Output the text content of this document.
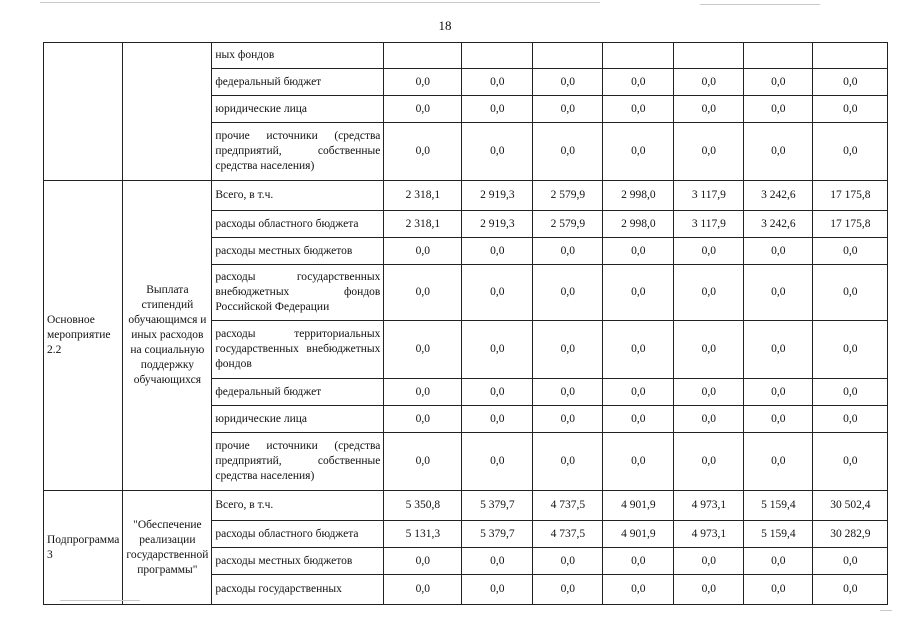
18
		ных фондов							
		федеральный бюджет	0,0	0,0	0,0	0,0	0,0	0,0	0,0
		юридические лица	0,0	0,0	0,0	0,0	0,0	0,0	0,0
		прочие источники (средства предприятий, собственные средства населения)	0,0	0,0	0,0	0,0	0,0	0,0	0,0
Основное мероприятие 2.2	Выплата стипендий обучающимся и иных расходов на социальную поддержку обучающихся	Всего, в т.ч.	2 318,1	2 919,3	2 579,9	2 998,0	3 117,9	3 242,6	17 175,8
		расходы областного бюджета	2 318,1	2 919,3	2 579,9	2 998,0	3 117,9	3 242,6	17 175,8
		расходы местных бюджетов	0,0	0,0	0,0	0,0	0,0	0,0	0,0
		расходы государственных внебюджетных фондов Российской Федерации	0,0	0,0	0,0	0,0	0,0	0,0	0,0
		расходы территориальных государственных внебюджетных фондов	0,0	0,0	0,0	0,0	0,0	0,0	0,0
		федеральный бюджет	0,0	0,0	0,0	0,0	0,0	0,0	0,0
		юридические лица	0,0	0,0	0,0	0,0	0,0	0,0	0,0
		прочие источники (средства предприятий, собственные средства населения)	0,0	0,0	0,0	0,0	0,0	0,0	0,0
Подпрограмма 3	"Обеспечение реализации государственной программы"	Всего, в т.ч.	5 350,8	5 379,7	4 737,5	4 901,9	4 973,1	5 159,4	30 502,4
		расходы областного бюджета	5 131,3	5 379,7	4 737,5	4 901,9	4 973,1	5 159,4	30 282,9
		расходы местных бюджетов	0,0	0,0	0,0	0,0	0,0	0,0	0,0
		расходы государственных	0,0	0,0	0,0	0,0	0,0	0,0	0,0
